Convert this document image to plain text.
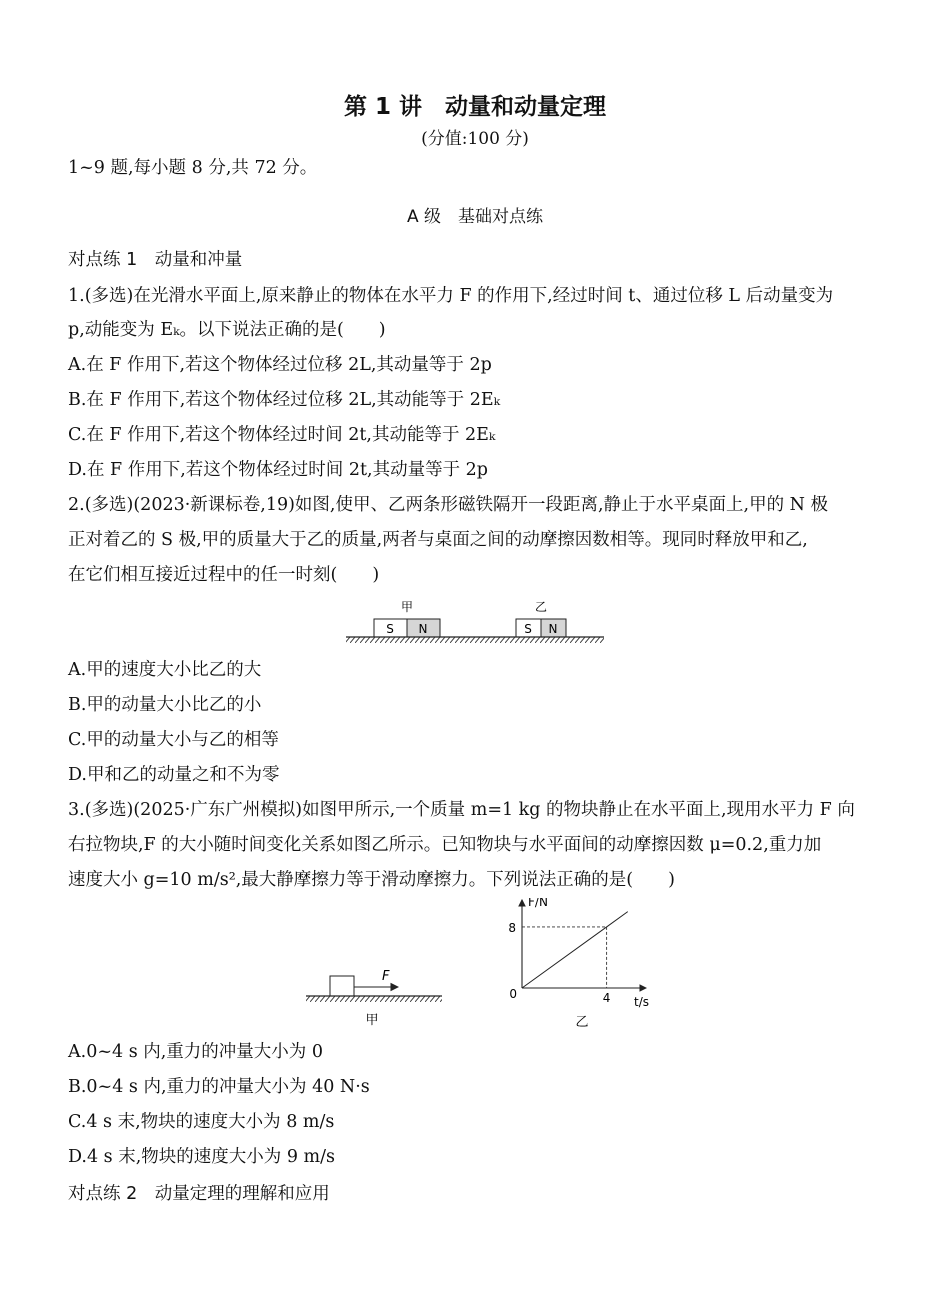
第 1 讲　动量和动量定理
(分值:100 分)
1~9 题,每小题 8 分,共 72 分。
A 级　基础对点练
对点练 1　动量和冲量
1.(多选)在光滑水平面上,原来静止的物体在水平力 F 的作用下,经过时间 t、通过位移 L 后动量变为
p,动能变为 Eₖ。以下说法正确的是(　　)
A.在 F 作用下,若这个物体经过位移 2L,其动量等于 2p
B.在 F 作用下,若这个物体经过位移 2L,其动能等于 2Eₖ
C.在 F 作用下,若这个物体经过时间 2t,其动能等于 2Eₖ
D.在 F 作用下,若这个物体经过时间 2t,其动量等于 2p
2.(多选)(2023·新课标卷,19)如图,使甲、乙两条形磁铁隔开一段距离,静止于水平桌面上,甲的 N 极
正对着乙的 S 极,甲的质量大于乙的质量,两者与桌面之间的动摩擦因数相等。现同时释放甲和乙,
在它们相互接近过程中的任一时刻(　　)
甲	乙
S N	S N
A.甲的速度大小比乙的大
B.甲的动量大小比乙的小
C.甲的动量大小与乙的相等
D.甲和乙的动量之和不为零
3.(多选)(2025·广东广州模拟)如图甲所示,一个质量 m=1 kg 的物块静止在水平面上,现用水平力 F 向
右拉物块,F 的大小随时间变化关系如图乙所示。已知物块与水平面间的动摩擦因数 μ=0.2,重力加
速度大小 g=10 m/s²,最大静摩擦力等于滑动摩擦力。下列说法正确的是(　　)
F
甲
F/N
t/s
0	4
8
乙
A.0~4 s 内,重力的冲量大小为 0
B.0~4 s 内,重力的冲量大小为 40 N·s
C.4 s 末,物块的速度大小为 8 m/s
D.4 s 末,物块的速度大小为 9 m/s
对点练 2　动量定理的理解和应用
